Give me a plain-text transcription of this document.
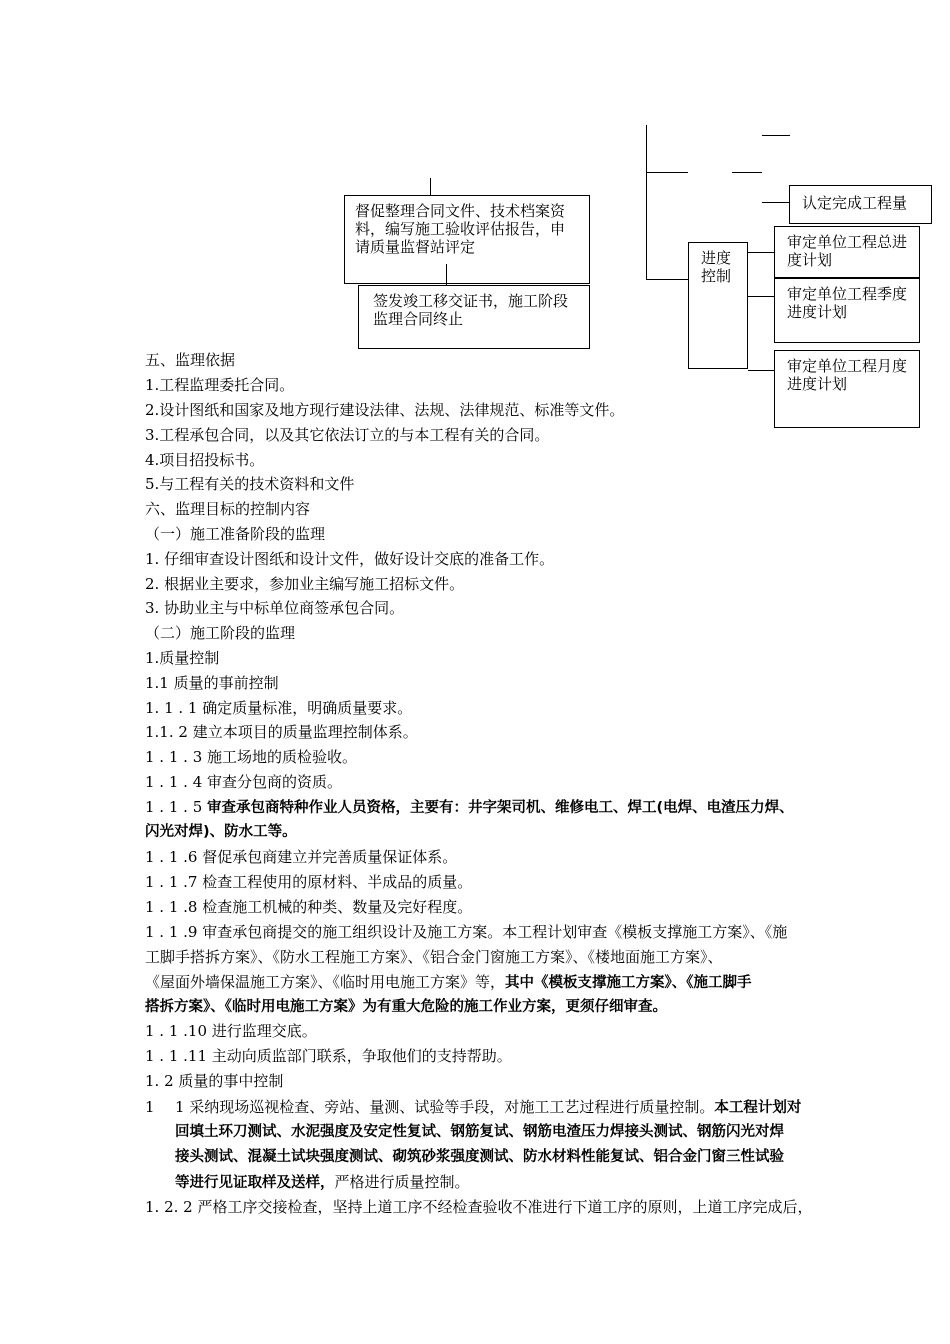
督促整理合同文件、技术档案资料，编写施工验收评估报告，申请质量监督站评定
签发竣工移交证书，施工阶段监理合同终止
进度控制
认定完成工程量
审定单位工程总进度计划
审定单位工程季度进度计划
审定单位工程月度进度计划
五、监理依据
1.工程监理委托合同。
2.设计图纸和国家及地方现行建设法律、法规、法律规范、标准等文件。
3.工程承包合同，以及其它依法订立的与本工程有关的合同。
4.项目招投标书。
5.与工程有关的技术资料和文件
六、监理目标的控制内容
（一）施工准备阶段的监理
1. 仔细审查设计图纸和设计文件，做好设计交底的准备工作。
2. 根据业主要求，参加业主编写施工招标文件。
3. 协助业主与中标单位商签承包合同。
（二）施工阶段的监理
1.质量控制
1.1 质量的事前控制
1. 1 . 1 确定质量标准，明确质量要求。
1.1. 2 建立本项目的质量监理控制体系。
1 . 1 . 3 施工场地的质检验收。
1 . 1 . 4 审查分包商的资质。
1 . 1 . 5 审查承包商特种作业人员资格，主要有：井字架司机、维修电工、焊工(电焊、电渣压力焊、
闪光对焊)、防水工等。
1 . 1 .6 督促承包商建立并完善质量保证体系。
1 . 1 .7 检查工程使用的原材料、半成品的质量。
1 . 1 .8 检查施工机械的种类、数量及完好程度。
1 . 1 .9 审查承包商提交的施工组织设计及施工方案。本工程计划审查《模板支撑施工方案》、《施
工脚手搭拆方案》、《防水工程施工方案》、《铝合金门窗施工方案》、《楼地面施工方案》、
《屋面外墙保温施工方案》、《临时用电施工方案》等，其中《模板支撑施工方案》、《施工脚手
搭拆方案》、《临时用电施工方案》为有重大危险的施工作业方案，更须仔细审查。
1 . 1 .10 进行监理交底。
1 . 1 .11 主动向质监部门联系，争取他们的支持帮助。
1. 2 质量的事中控制
1	1 采纳现场巡视检查、旁站、量测、试验等手段，对施工工艺过程进行质量控制。本工程计划对
回填土环刀测试、水泥强度及安定性复试、钢筋复试、钢筋电渣压力焊接头测试、钢筋闪光对焊
接头测试、混凝土试块强度测试、砌筑砂浆强度测试、防水材料性能复试、铝合金门窗三性试验
等进行见证取样及送样，严格进行质量控制。
1. 2. 2 严格工序交接检查，坚持上道工序不经检查验收不准进行下道工序的原则，上道工序完成后，
